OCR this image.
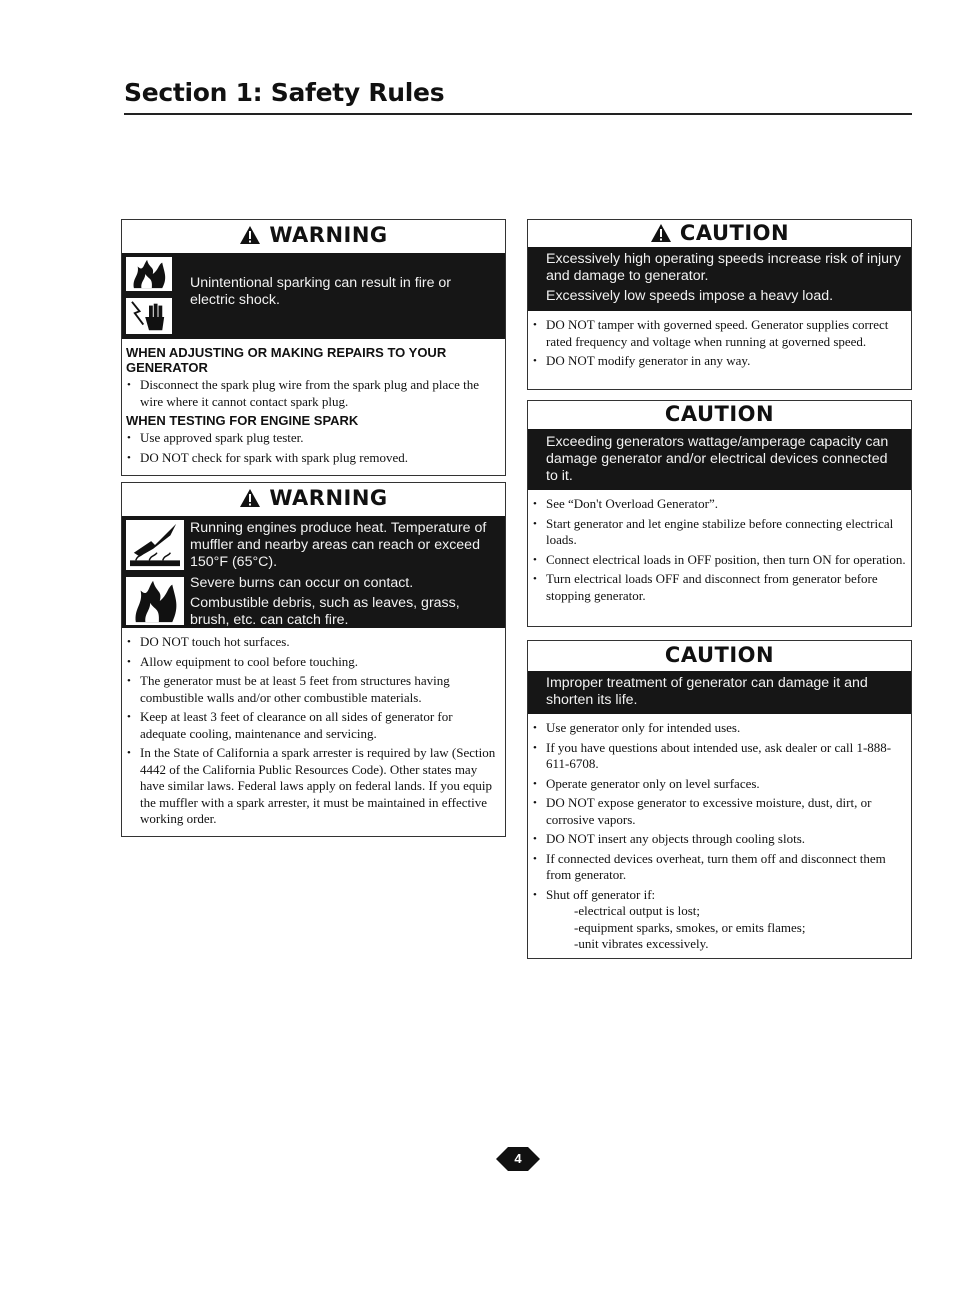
Section 1: Safety Rules
WARNING

Unintentional sparking can result in fire or electric shock.

WHEN ADJUSTING OR MAKING REPAIRS TO YOUR GENERATOR
• Disconnect the spark plug wire from the spark plug and place the wire where it cannot contact spark plug.
WHEN TESTING FOR ENGINE SPARK
• Use approved spark plug tester.
• DO NOT check for spark with spark plug removed.
WARNING

Running engines produce heat. Temperature of muffler and nearby areas can reach or exceed 150°F (65°C).

Severe burns can occur on contact.

Combustible debris, such as leaves, grass, brush, etc. can catch fire.

• DO NOT touch hot surfaces.
• Allow equipment to cool before touching.
• The generator must be at least 5 feet from structures having combustible walls and/or other combustible materials.
• Keep at least 3 feet of clearance on all sides of generator for adequate cooling, maintenance and servicing.
• In the State of California a spark arrester is required by law (Section 4442 of the California Public Resources Code). Other states may have similar laws. Federal laws apply on federal lands. If you equip the muffler with a spark arrester, it must be maintained in effective working order.
CAUTION

Excessively high operating speeds increase risk of injury and damage to generator.

Excessively low speeds impose a heavy load.

• DO NOT tamper with governed speed. Generator supplies correct rated frequency and voltage when running at governed speed.
• DO NOT modify generator in any way.
CAUTION

Exceeding generators wattage/amperage capacity can damage generator and/or electrical devices connected to it.

• See “Don't Overload Generator”.
• Start generator and let engine stabilize before connecting electrical loads.
• Connect electrical loads in OFF position, then turn ON for operation.
• Turn electrical loads OFF and disconnect from generator before stopping generator.
CAUTION

Improper treatment of generator can damage it and shorten its life.

• Use generator only for intended uses.
• If you have questions about intended use, ask dealer or call 1-888-611-6708.
• Operate generator only on level surfaces.
• DO NOT expose generator to excessive moisture, dust, dirt, or corrosive vapors.
• DO NOT insert any objects through cooling slots.
• If connected devices overheat, turn them off and disconnect them from generator.
• Shut off generator if:
-electrical output is lost;
-equipment sparks, smokes, or emits flames;
-unit vibrates excessively.
4
